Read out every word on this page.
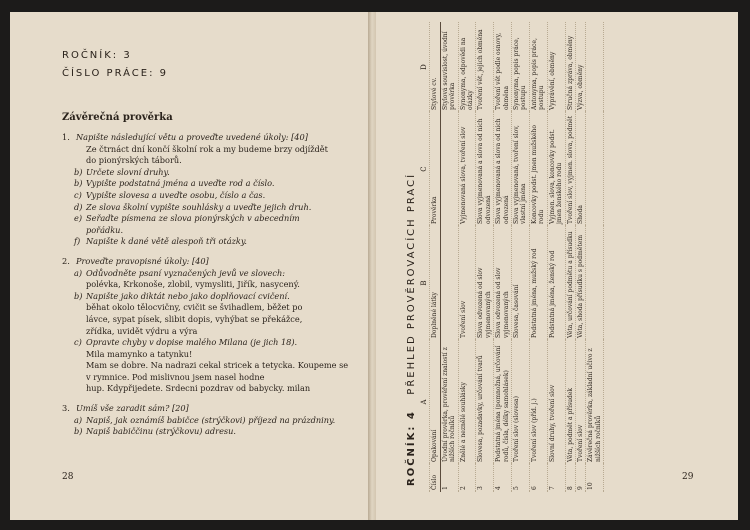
ROČNÍK: 3
ČÍSLO PRÁCE: 9
Závěrečná prověrka
1. Napište následující větu a proveďte uvedené úkoly: [40]
Ze čtrnáct dní končí školní rok a my budeme brzy odjíždět
do pionýrských táborů.
b) Určete slovní druhy.
b) Vypište podstatná jména a uveďte rod a číslo.
c) Vypište slovesa a uveďte osobu, číslo a čas.
d) Ze slova školní vypište souhlásky a uveďte jejich druh.
e) Seřaďte písmena ze slova pionýrských v abecedním
pořádku.
f) Napište k dané větě alespoň tři otázky.
2. Proveďte pravopisné úkoly: [40]
a) Odůvodněte psaní vyznačených jevů ve slovech:
polévka, Krkonoše, zlobil, vymysliti, Jiřík, nasycený.
b) Napište jako diktát nebo jako doplňovací cvičení.
běhat okolo tělocvičny, cvičit se švihadlem, běžet po
lávce, sypat písek, slibit dopis, vyhýbat se překážce,
zřídka, uvidět výdru a výra
c) Opravte chyby v dopise malého Milana (je jich 18).
Mila mamynko a tatynku!
Mam se dobre. Na nadrazi cekal stricek a tetycka. Koupeme se v rymnice. Pod mislivnou jsem nasel hodne
hup. Kdypřijedete. Srdecni pozdrav od babycky. milan
3. Umíš vše zaradit sám? [20]
a) Napiš, jak oznámíš babičce (strýčkovi) příjezd na prázdniny.
b) Napiš babiččinu (strýčkovu) adresu.
28	ROČNÍK: 4 PŘEHLED PROVĚROVACÍCH PRACÍ
	A	B	C	D
Číslo	Opakování	Doplněné látky	Prověrka	Stylové cv.
1	Úvodní prověrka, prověření znalostí z nižších ročníků			Stylová souvislost, úvodní prověrka
2	Znělé a neznělé souhlásky	Tvoření slov	Vyjmenovaná slova, tvoření slov	Synonyma, odpovědi na otázky
3	Slovesa, pozadavky, určování tvarů	Slova odvozená od slov vyjmenovaných	Slova vyjmenovaná a slova od nich odvozená	Tvoření vět, jejich obměna
4	Podstatná jména (pomnožná, určování rodů, čísla, délky samohlásek)	Slova odvozená od slov vyjmenovaných	Slova vyjmenovaná a slova od nich odvozená	Tvoření vět podle osnovy, obměna
5	Tvoření slov (slovesa)	Slovesa, časování	Slova vyjmenovaná, tvoření slov, vlastní jména	Synonyma, popis práce, postupu
6	Tvoření slov (příd. j.)	Podstatná jména, mužský rod	Koncovky podst. jmen mužského rodu	Antonyma, popis práce, postupu
7	Slovní druhy, tvoření slov	Podstatná jména, ženský rod	Vyjmen. slova, koncovky podst. jmen ženského rodu	Vyprávění, obměny
8	Věta, podmět a přísudek	Věta, určování podmětu a přísudku	Tvoření slov, vyjmen. slova, podmět	Stručná zpráva, obměny
9	Tvoření slov	Věta, shoda přísudku s podmětem	Shoda	Výzva, obměny
10	Závěrečná prověrka, základní učivo z nižších ročníků			
29
